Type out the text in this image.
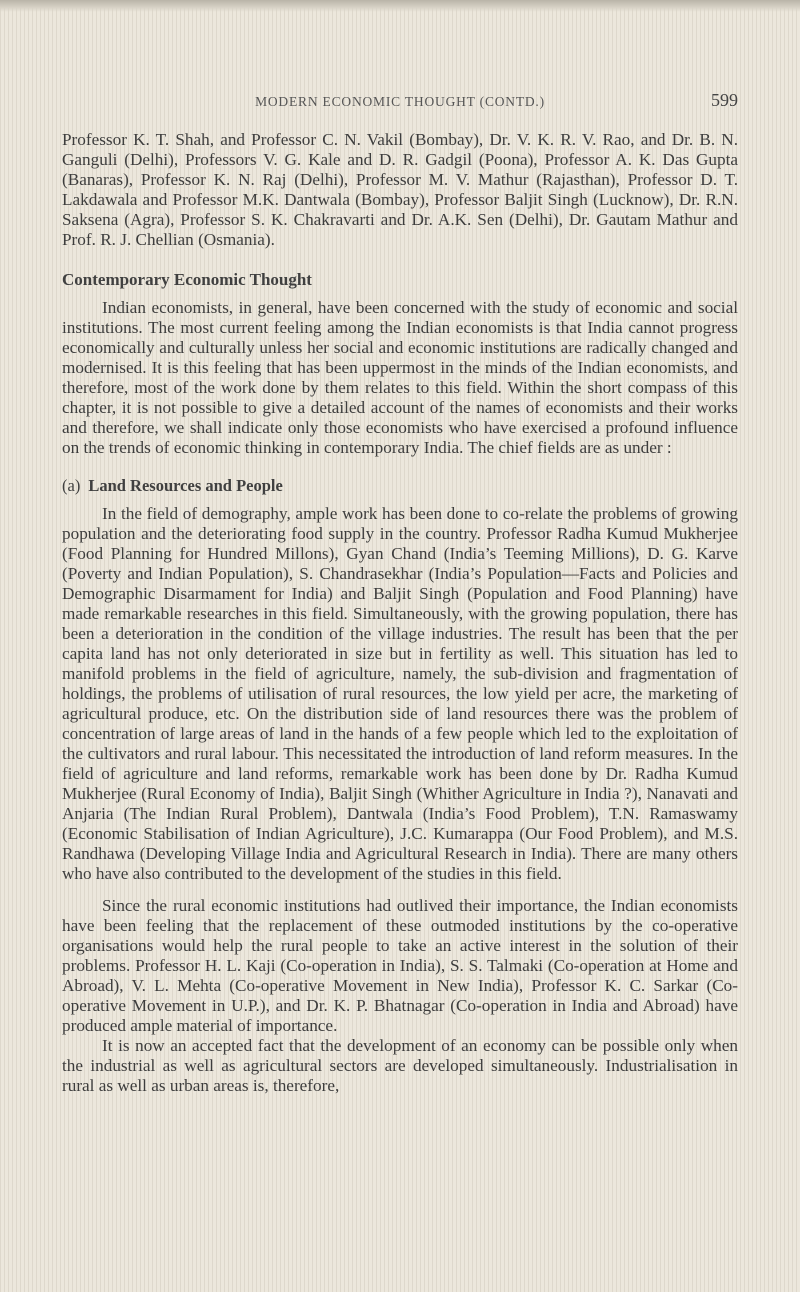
MODERN ECONOMIC THOUGHT (CONTD.)	599

Professor K. T. Shah, and Professor C. N. Vakil (Bombay), Dr. V. K. R. V. Rao, and Dr. B. N. Ganguli (Delhi), Professors V. G. Kale and D. R. Gadgil (Poona), Professor A. K. Das Gupta (Banaras), Professor K. N. Raj (Delhi), Professor M. V. Mathur (Rajasthan), Professor D. T. Lakdawala and Professor M.K. Dantwala (Bombay), Professor Baljit Singh (Lucknow), Dr. R.N. Saksena (Agra), Professor S. K. Chakravarti and Dr. A.K. Sen (Delhi), Dr. Gautam Mathur and Prof. R. J. Chellian (Osmania).

Contemporary Economic Thought

Indian economists, in general, have been concerned with the study of economic and social institutions. The most current feeling among the Indian economists is that India cannot progress economically and culturally unless her social and economic institutions are radically changed and modernised. It is this feeling that has been uppermost in the minds of the Indian economists, and therefore, most of the work done by them relates to this field. Within the short compass of this chapter, it is not possible to give a detailed account of the names of economists and their works and therefore, we shall indicate only those economists who have exercised a profound influence on the trends of economic thinking in contemporary India. The chief fields are as under :

(a) Land Resources and People

In the field of demography, ample work has been done to co-relate the problems of growing population and the deteriorating food supply in the country. Professor Radha Kumud Mukherjee (Food Planning for Hundred Millons), Gyan Chand (India’s Teeming Millions), D. G. Karve (Poverty and Indian Population), S. Chandrasekhar (India’s Population—Facts and Policies and Demographic Disarmament for India) and Baljit Singh (Population and Food Planning) have made remarkable researches in this field. Simultaneously, with the growing population, there has been a deterioration in the condition of the village industries. The result has been that the per capita land has not only deteriorated in size but in fertility as well. This situation has led to manifold problems in the field of agriculture, namely, the sub-division and fragmentation of holdings, the problems of utilisation of rural resources, the low yield per acre, the marketing of agricultural produce, etc. On the distribution side of land resources there was the problem of concentration of large areas of land in the hands of a few people which led to the exploitation of the cultivators and rural labour. This necessitated the introduction of land reform measures. In the field of agriculture and land reforms, remarkable work has been done by Dr. Radha Kumud Mukherjee (Rural Economy of India), Baljit Singh (Whither Agriculture in India ?), Nanavati and Anjaria (The Indian Rural Problem), Dantwala (India’s Food Problem), T.N. Ramaswamy (Economic Stabilisation of Indian Agriculture), J.C. Kumarappa (Our Food Problem), and M.S. Randhawa (Developing Village India and Agricultural Research in India). There are many others who have also contributed to the development of the studies in this field.

Since the rural economic institutions had outlived their importance, the Indian economists have been feeling that the replacement of these outmoded institutions by the co-operative organisations would help the rural people to take an active interest in the solution of their problems. Professor H. L. Kaji (Co-operation in India), S. S. Talmaki (Co-operation at Home and Abroad), V. L. Mehta (Co-operative Movement in New India), Professor K. C. Sarkar (Co-operative Movement in U.P.), and Dr. K. P. Bhatnagar (Co-operation in India and Abroad) have produced ample material of importance.

It is now an accepted fact that the development of an economy can be possible only when the industrial as well as agricultural sectors are developed simultaneously. Industrialisation in rural as well as urban areas is, therefore,
